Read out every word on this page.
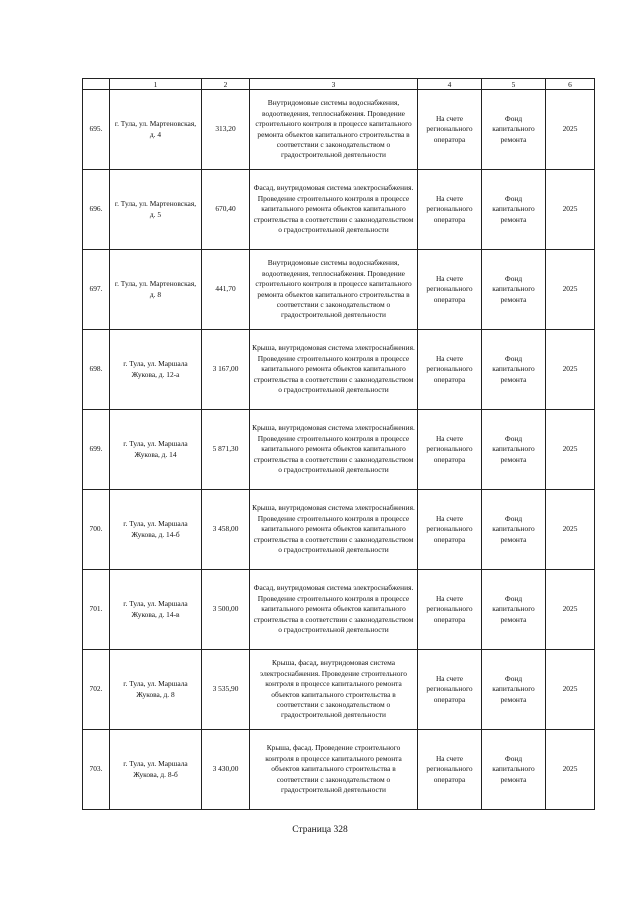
	1	2	3	4	5	6
695.	г. Тула, ул. Мартеновская, д. 4	313,20	Внутридомовые системы водоснабжения, водоотведения, теплоснабжения. Проведение строительного контроля в процессе капитального ремонта объектов капитального строительства в соответствии с законодательством о градостроительной деятельности	На счете регионального оператора	Фонд капитального ремонта	2025
696.	г. Тула, ул. Мартеновская, д. 5	670,40	Фасад, внутридомовая система электроснабжения. Проведение строительного контроля в процессе капитального ремонта объектов капитального строительства в соответствии с законодательством о градостроительной деятельности	На счете регионального оператора	Фонд капитального ремонта	2025
697.	г. Тула, ул. Мартеновская, д. 8	441,70	Внутридомовые системы водоснабжения, водоотведения, теплоснабжения. Проведение строительного контроля в процессе капитального ремонта объектов капитального строительства в соответствии с законодательством о градостроительной деятельности	На счете регионального оператора	Фонд капитального ремонта	2025
698.	г. Тула, ул. Маршала Жукова, д. 12-а	3 167,00	Крыша, внутридомовая система электроснабжения. Проведение строительного контроля в процессе капитального ремонта объектов капитального строительства в соответствии с законодательством о градостроительной деятельности	На счете регионального оператора	Фонд капитального ремонта	2025
699.	г. Тула, ул. Маршала Жукова, д. 14	5 871,30	Крыша, внутридомовая система электроснабжения. Проведение строительного контроля в процессе капитального ремонта объектов капитального строительства в соответствии с законодательством о градостроительной деятельности	На счете регионального оператора	Фонд капитального ремонта	2025
700.	г. Тула, ул. Маршала Жукова, д. 14-б	3 458,00	Крыша, внутридомовая система электроснабжения. Проведение строительного контроля в процессе капитального ремонта объектов капитального строительства в соответствии с законодательством о градостроительной деятельности	На счете регионального оператора	Фонд капитального ремонта	2025
701.	г. Тула, ул. Маршала Жукова, д. 14-в	3 500,00	Фасад, внутридомовая система электроснабжения. Проведение строительного контроля в процессе капитального ремонта объектов капитального строительства в соответствии с законодательством о градостроительной деятельности	На счете регионального оператора	Фонд капитального ремонта	2025
702.	г. Тула, ул. Маршала Жукова, д. 8	3 535,90	Крыша, фасад, внутридомовая система электроснабжения. Проведение строительного контроля в процессе капитального ремонта объектов капитального строительства в соответствии с законодательством о градостроительной деятельности	На счете регионального оператора	Фонд капитального ремонта	2025
703.	г. Тула, ул. Маршала Жукова, д. 8-б	3 430,00	Крыша, фасад. Проведение строительного контроля в процессе капитального ремонта объектов капитального строительства в соответствии с законодательством о градостроительной деятельности	На счете регионального оператора	Фонд капитального ремонта	2025
Страница 328
